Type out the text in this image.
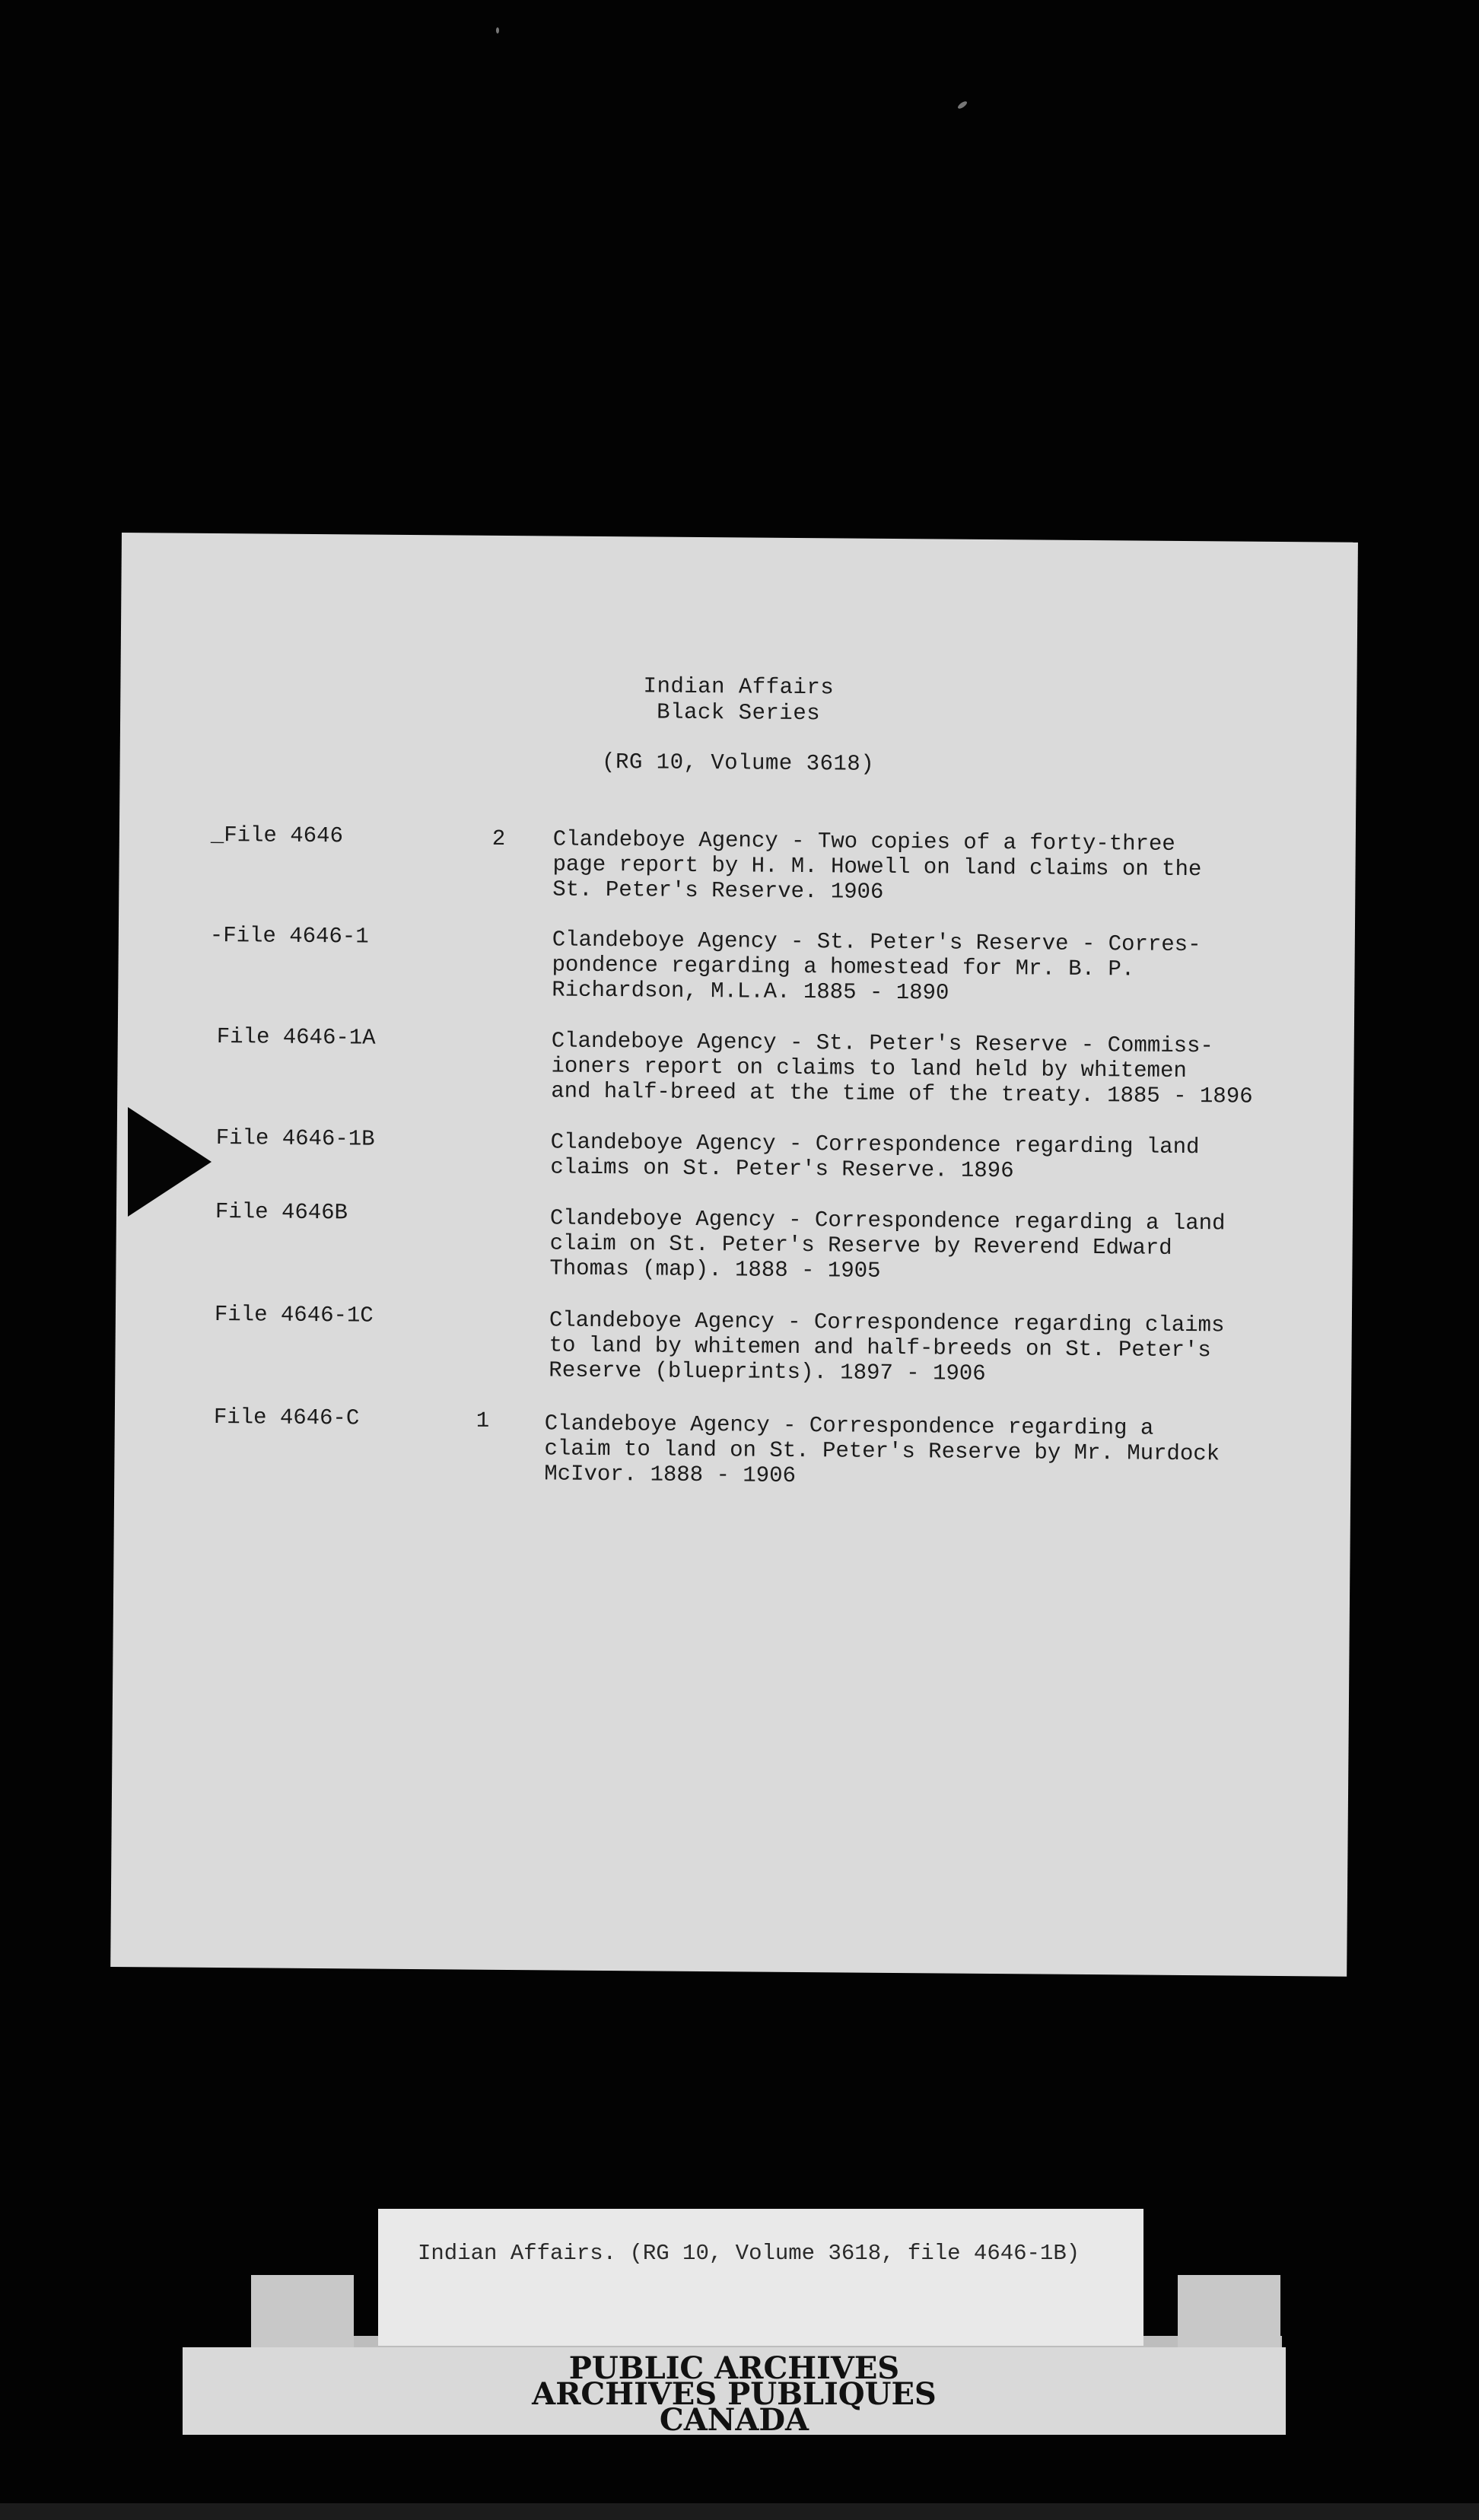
Indian Affairs
Black Series
(RG 10, Volume 3618)
_File 4646	2 Clandeboye Agency - Two copies of a forty-three
page report by H. M. Howell on land claims on the
St. Peter's Reserve. 1906
-File 4646-1	Clandeboye Agency - St. Peter's Reserve - Corres-
pondence regarding a homestead for Mr. B. P.
Richardson, M.L.A. 1885 - 1890
File 4646-1A	Clandeboye Agency - St. Peter's Reserve - Commiss-
ioners report on claims to land held by whitemen
and half-breed at the time of the treaty. 1885 - 1896
File 4646-1B	Clandeboye Agency - Correspondence regarding land
claims on St. Peter's Reserve. 1896
File 4646B	Clandeboye Agency - Correspondence regarding a land
claim on St. Peter's Reserve by Reverend Edward
Thomas (map). 1888 - 1905
File 4646-1C	Clandeboye Agency - Correspondence regarding claims
to land by whitemen and half-breeds on St. Peter's
Reserve (blueprints). 1897 - 1906
File 4646-C	1 Clandeboye Agency - Correspondence regarding a
claim to land on St. Peter's Reserve by Mr. Murdock
McIvor. 1888 - 1906
PUBLIC ARCHIVES
ARCHIVES PUBLIQUES
CANADA
Indian Affairs. (RG 10, Volume 3618, file 4646-1B)
